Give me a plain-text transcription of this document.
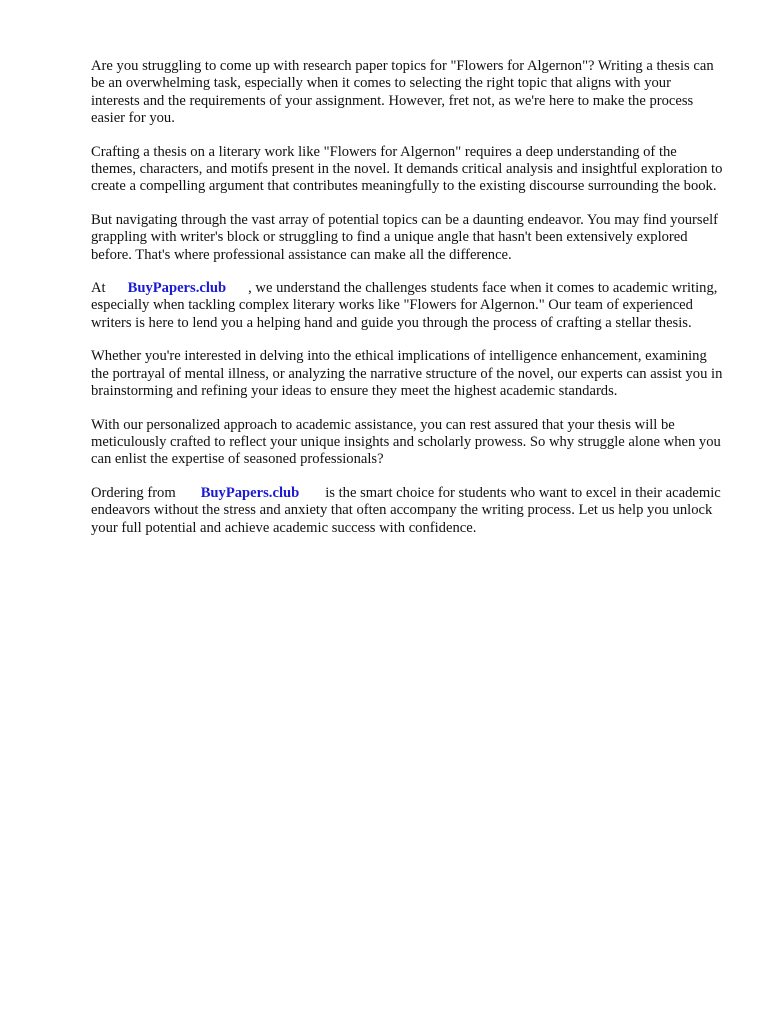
Are you struggling to come up with research paper topics for "Flowers for Algernon"? Writing a thesis can be an overwhelming task, especially when it comes to selecting the right topic that aligns with your interests and the requirements of your assignment. However, fret not, as we're here to make the process easier for you.

Crafting a thesis on a literary work like "Flowers for Algernon" requires a deep understanding of the themes, characters, and motifs present in the novel. It demands critical analysis and insightful exploration to create a compelling argument that contributes meaningfully to the existing discourse surrounding the book.

But navigating through the vast array of potential topics can be a daunting endeavor. You may find yourself grappling with writer's block or struggling to find a unique angle that hasn't been extensively explored before. That's where professional assistance can make all the difference.

At BuyPapers.club , we understand the challenges students face when it comes to academic writing, especially when tackling complex literary works like "Flowers for Algernon." Our team of experienced writers is here to lend you a helping hand and guide you through the process of crafting a stellar thesis.

Whether you're interested in delving into the ethical implications of intelligence enhancement, examining the portrayal of mental illness, or analyzing the narrative structure of the novel, our experts can assist you in brainstorming and refining your ideas to ensure they meet the highest academic standards.

With our personalized approach to academic assistance, you can rest assured that your thesis will be meticulously crafted to reflect your unique insights and scholarly prowess. So why struggle alone when you can enlist the expertise of seasoned professionals?

Ordering from BuyPapers.club is the smart choice for students who want to excel in their academic endeavors without the stress and anxiety that often accompany the writing process. Let us help you unlock your full potential and achieve academic success with confidence.
